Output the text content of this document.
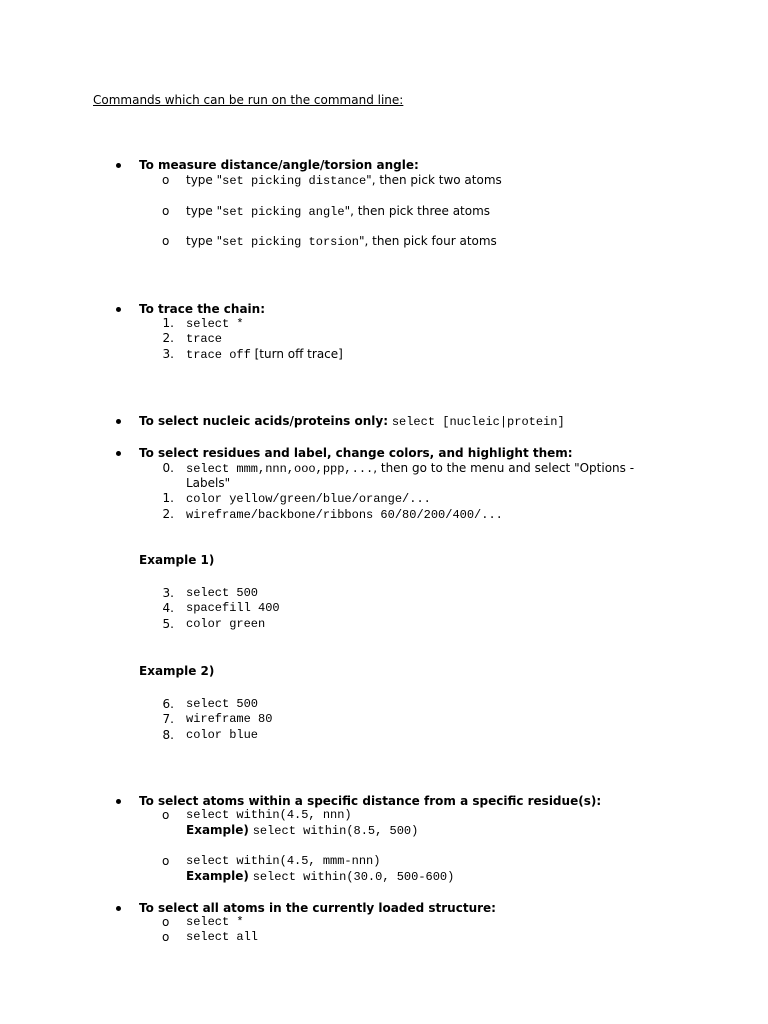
Commands which can be run on the command line:
To measure distance/angle/torsion angle:
o type "set picking distance", then pick two atoms
o type "set picking angle", then pick three atoms
o type "set picking torsion", then pick four atoms
To trace the chain:
1. select *
2. trace
3. trace off [turn off trace]
To select nucleic acids/proteins only: select [nucleic|protein]
To select residues and label, change colors, and highlight them:
0. select mmm,nnn,ooo,ppp,..., then go to the menu and select "Options -
Labels"
1. color yellow/green/blue/orange/...
2. wireframe/backbone/ribbons 60/80/200/400/...
Example 1)
3. select 500
4. spacefill 400
5. color green
Example 2)
6. select 500
7. wireframe 80
8. color blue
To select atoms within a specific distance from a specific residue(s):
o select within(4.5, nnn)
Example) select within(8.5, 500)
o select within(4.5, mmm-nnn)
Example) select within(30.0, 500-600)
To select all atoms in the currently loaded structure:
o select *
o select all
